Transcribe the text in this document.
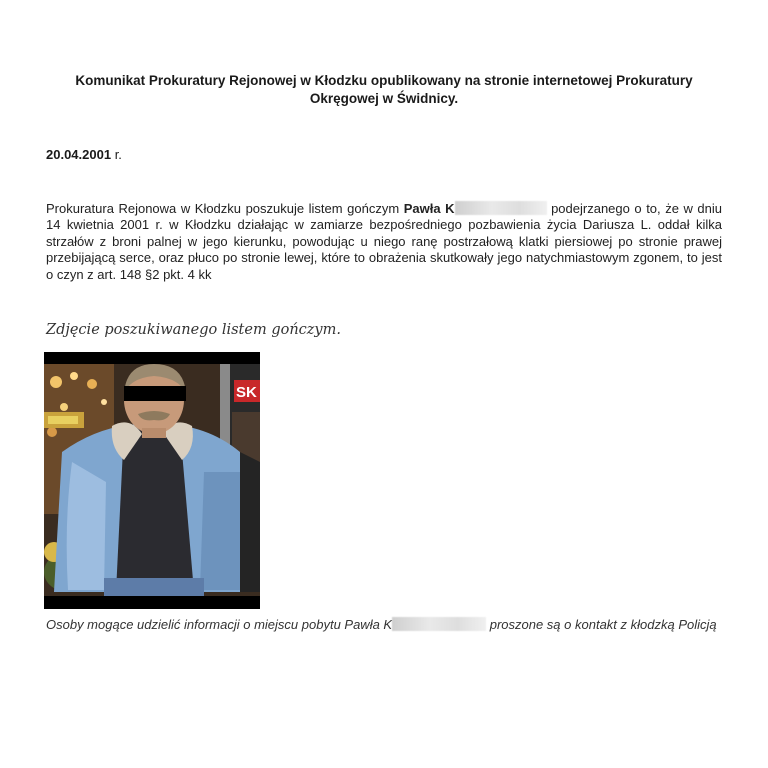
Komunikat Prokuratury Rejonowej w Kłodzku opublikowany na stronie internetowej Prokuratury Okręgowej w Świdnicy.
20.04.2001 r.
Prokuratura Rejonowa w Kłodzku poszukuje listem gończym Pawła K	podejrzanego o to, że w dniu 14 kwietnia 2001 r. w Kłodzku działając w zamiarze bezpośredniego pozbawienia życia Dariusza L. oddał kilka strzałów z broni palnej w jego kierunku, powodując u niego ranę postrzałową klatki piersiowej po stronie prawej przebijającą serce, oraz płuco po stronie lewej, które to obrażenia skutkowały jego natychmiastowym zgonem, to jest o czyn z art. 148 §2 pkt. 4 kk
Zdjęcie poszukiwanego listem gończym.
SK
Osoby mogące udzielić informacji o miejscu pobytu Pawła K	proszone są o kontakt z kłodzką Policją
